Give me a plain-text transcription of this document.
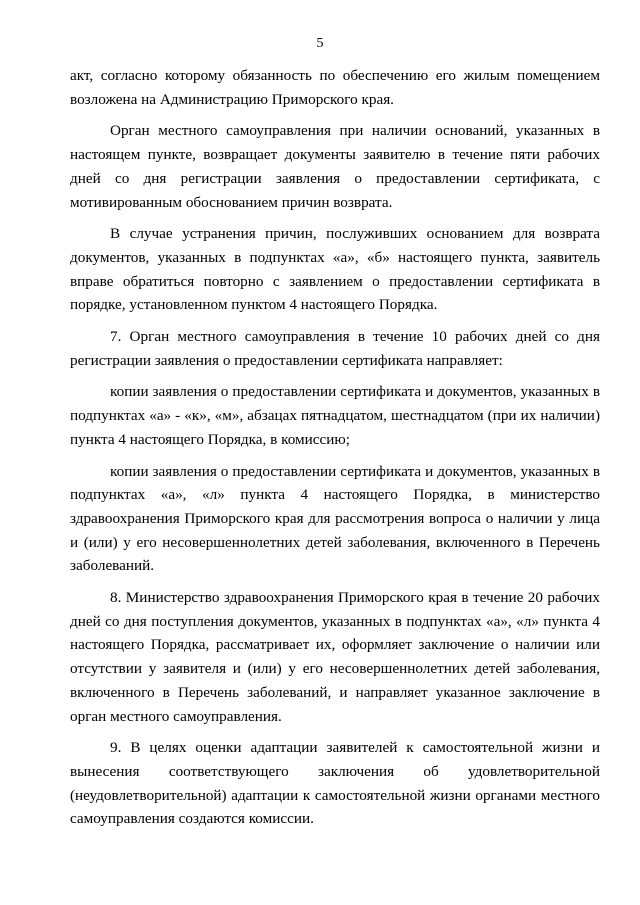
5

акт, согласно которому обязанность по обеспечению его жилым помещением возложена на Администрацию Приморского края.

Орган местного самоуправления при наличии оснований, указанных в настоящем пункте, возвращает документы заявителю в течение пяти рабочих дней со дня регистрации заявления о предоставлении сертификата, с мотивированным обоснованием причин возврата.

В случае устранения причин, послуживших основанием для возврата документов, указанных в подпунктах «а», «б» настоящего пункта, заявитель вправе обратиться повторно с заявлением о предоставлении сертификата в порядке, установленном пунктом 4 настоящего Порядка.

7. Орган местного самоуправления в течение 10 рабочих дней со дня регистрации заявления о предоставлении сертификата направляет:

копии заявления о предоставлении сертификата и документов, указанных в подпунктах «а» - «к», «м», абзацах пятнадцатом, шестнадцатом (при их наличии) пункта 4 настоящего Порядка, в комиссию;

копии заявления о предоставлении сертификата и документов, указанных в подпунктах «а», «л» пункта 4 настоящего Порядка, в министерство здравоохранения Приморского края для рассмотрения вопроса о наличии у лица и (или) у его несовершеннолетних детей заболевания, включенного в Перечень заболеваний.

8. Министерство здравоохранения Приморского края в течение 20 рабочих дней со дня поступления документов, указанных в подпунктах «а», «л» пункта 4 настоящего Порядка, рассматривает их, оформляет заключение о наличии или отсутствии у заявителя и (или) у его несовершеннолетних детей заболевания, включенного в Перечень заболеваний, и направляет указанное заключение в орган местного самоуправления.

9. В целях оценки адаптации заявителей к самостоятельной жизни и вынесения соответствующего заключения об удовлетворительной (неудовлетворительной) адаптации к самостоятельной жизни органами местного самоуправления создаются комиссии.
